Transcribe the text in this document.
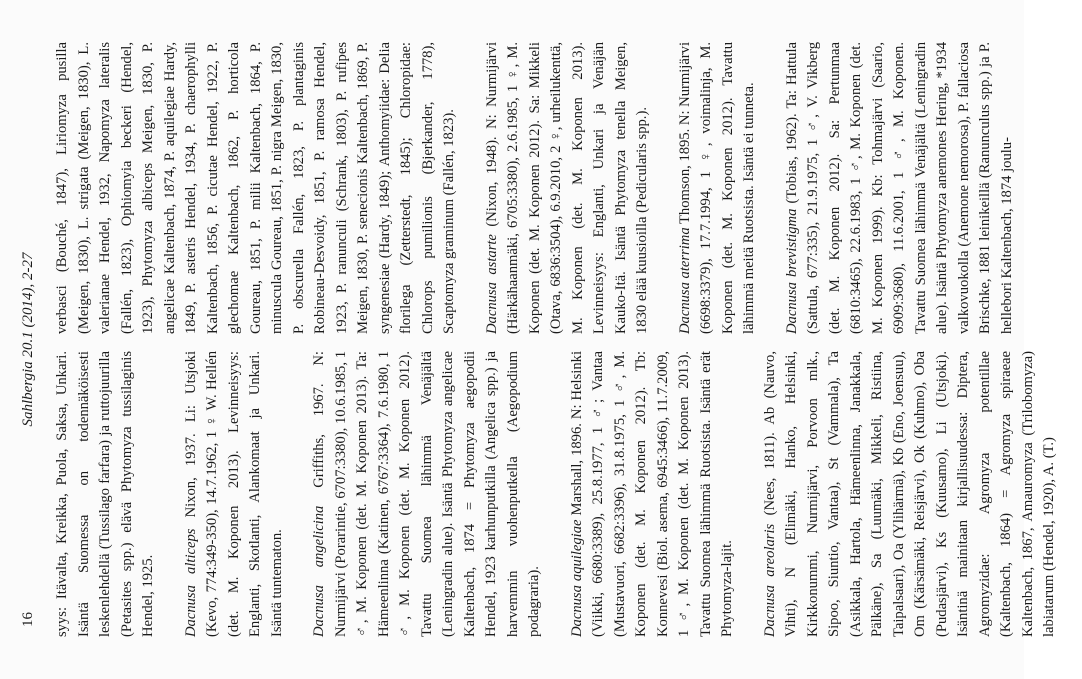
16
Sahlbergia 20.1 (2014), 2-27

syys: Itävalta, Kreikka, Puola, Saksa, Unkari. Isäntä Suomessa on todennäköisesti leskenlehdellä (Tussilago farfara) ja ruttojuurilla (Petasites spp.) elävä Phytomyza tussilaginis Hendel, 1925. Dacnusa alticeps Nixon, 1937. Li: Utsjoki (Kevo, 774:349-350), 14.7.1962, 1 ♀ W. Hellén (det. M. Koponen 2013). Levinneisyys: Englanti, Skotlanti, Alankomaat ja Unkari. Isäntä tuntematon. Dacnusa angelicina Griffiths, 1967. N: Nurmijärvi (Porarintie, 6707:3380), 10.6.1985, 1 ♂, M. Koponen (det. M. Koponen 2013). Ta: Hämeenlinna (Katinen, 6767:3364), 7.6.1980, 1 ♂, M. Koponen (det. M. Koponen 2012). Tavattu Suomea lähimmä Venäjältä (Leningradin alue). Isäntä Phytomyza angelicae Kaltenbach, 1874 = Phytomyza aegopodii Hendel, 1923 karhunputkilla (Angelica spp.) ja harvemmin vuohenputkella (Aegopodium podagraria). Dacnusa aquilegiae Marshall, 1896. N: Helsinki (Viikki, 6680:3389), 25.8.1977, 1 ♂; Vantaa (Mustavuori, 6682:3396), 31.8.1975, 1 ♂, M. Koponen (det. M. Koponen 2012). Tb: Konnevesi (Biol. asema, 6945:3466), 11.7.2009, 1 ♂, M. Koponen (det. M. Koponen 2013). Tavattu Suomea lähimmä Ruotsista. Isäntä erät Phytomyza-lajit. Dacnusa areolaris (Nees, 1811). Ab (Nauvo, Vihti), N (Elimäki, Hanko, Helsinki, Kirkkonummi, Nurmijärvi, Porvoon mlk., Sipoo, Siuntio, Vantaa), St (Vammala), Ta (Asikkala, Hartola, Hämeenlinna, Janakkala, Pälkäne), Sa (Luumäki, Mikkeli, Ristiina, Taipalsaari), Oa (Ylihärmä), Kb (Eno, Joensuu), Om (Kärsämäki, Reisjärvi), Ok (Kuhmo), Oba (Pudasjärvi), Ks (Kuusamo), Li (Utsjoki). Isäntinä mainitaan kirjallisuudessa: Diptera, Agromyzidae: Agromyza potentillae (Kaltenbach, 1864) = Agromyza spiraeae Kaltenbach, 1867, Amauromyza (Trilobomyza) labiatarum (Hendel, 1920), A. (T.)

verbasci (Bouché, 1847), Liriomyza pusilla (Meigen, 1830), L. strigata (Meigen, 1830), L. valerianae Hendel, 1932, Napomyza lateralis (Fallén, 1823), Ophiomyia beckeri (Hendel, 1923), Phytomyza albiceps Meigen, 1830, P. angelicae Kaltenbach, 1874, P. aquilegiae Hardy, 1849, P. asteris Hendel, 1934, P. chaerophylli Kaltenbach, 1856, P. cicutae Hendel, 1922, P. glechomae Kaltenbach, 1862, P. horticola Goureau, 1851, P. milii Kaltenbach, 1864, P. minuscula Goureau, 1851, P. nigra Meigen, 1830, P. obscurella Fallén, 1823, P. plantaginis Robineau-Desvoidy, 1851, P. ramosa Hendel, 1923, P. ranunculi (Schrank, 1803), P. rufipes Meigen, 1830, P. senecionis Kaltenbach, 1869, P. syngenesiae (Hardy, 1849); Anthomyiidae: Delia florilega (Zetterstedt, 1845); Chloropidae: Chlorops pumilionis (Bjerkander, 1778), Scaptomyza graminum (Fallén, 1823). Dacnusa astarte (Nixon, 1948). N: Nurmijärvi (Härkähaanmäki, 6705:3380), 2.6.1985, 1 ♀, M. Koponen (det. M. Koponen 2012). Sa: Mikkeli (Otava, 6836:3504), 6.9.2010, 2 ♀, urheilukenttä, M. Koponen (det. M. Koponen 2013). Levinneisyys: Englanti, Unkari ja Venäjän Kauko-Itä. Isäntä Phytomyza tenella Meigen, 1830 elää kuusioilla (Pedicularis spp.). Dacnusa aterrima Thomson, 1895. N: Nurmijärvi (6698:3379), 17.7.1994, 1 ♀, voimalinja, M. Koponen (det. M. Koponen 2012). Tavattu lähimmä meitä Ruotsista. Isäntä ei tunneta. Dacnusa brevistigma (Tobias, 1962). Ta: Hattula (Sattula, 677:335), 21.9.1975, 1 ♂, V. Vikberg (det. M. Koponen 2012). Sa: Pertunmaa (6810:3465), 22.6.1983, 1 ♂, M. Koponen (det. M. Koponen 1999). Kb: Tohmajärvi (Saario, 6909:3680), 11.6.2001, 1 ♂, M. Koponen. Tavattu Suomea lähimmä Venäjältä (Leningradin alue). Isäntä Phytomyza anemones Hering, *1934 valkovuokolla (Anemone nemorosa), P. fallaciosa Brischke, 1881 leinikeillä (Ranunculus spp.) ja P. hellebori Kaltenbach, 1874 joulu-
